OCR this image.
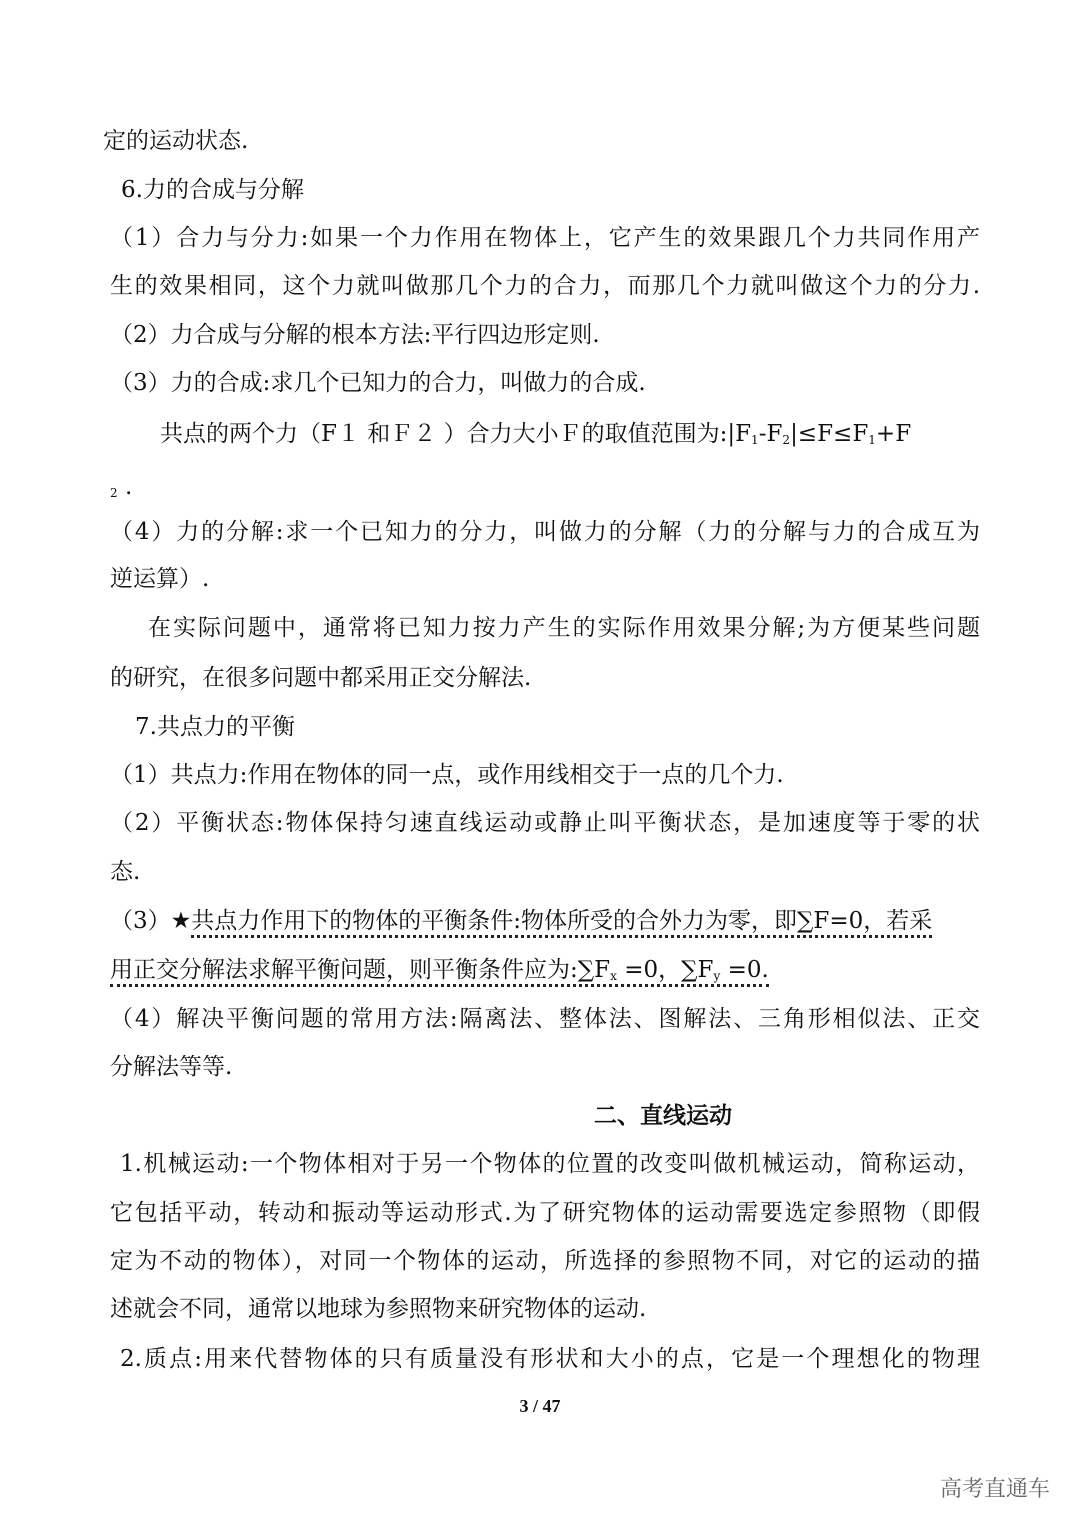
定的运动状态.
6.力的合成与分解
（1）合力与分力:如果一个力作用在物体上，它产生的效果跟几个力共同作用产
生的效果相同，这个力就叫做那几个力的合力，而那几个力就叫做这个力的分力.
（2）力合成与分解的根本方法:平行四边形定则.
（3）力的合成:求几个已知力的合力，叫做力的合成.
共点的两个力（F１ 和Ｆ２ ）合力大小Ｆ的取值范围为$:|F_1-F_2|\le F\le F_1+F$
$_2$ .
（4）力的分解:求一个已知力的分力，叫做力的分解（力的分解与力的合成互为
逆运算）.
在实际问题中，通常将已知力按力产生的实际作用效果分解;为方便某些问题
的研究，在很多问题中都采用正交分解法.
7.共点力的平衡
（1）共点力:作用在物体的同一点，或作用线相交于一点的几个力.
（2）平衡状态:物体保持匀速直线运动或静止叫平衡状态，是加速度等于零的状
态.
（3）★共点力作用下的物体的平衡条件:物体所受的合外力为零，即∑F=0，若采
用正交分解法求解平衡问题，则平衡条件应为$:\sum F_x =0$，$\sum F_y =0$.
（4）解决平衡问题的常用方法:隔离法、整体法、图解法、三角形相似法、正交
分解法等等.
二、直线运动
1.机械运动:一个物体相对于另一个物体的位置的改变叫做机械运动，简称运动，
它包括平动，转动和振动等运动形式.为了研究物体的运动需要选定参照物（即假
定为不动的物体），对同一个物体的运动，所选择的参照物不同，对它的运动的描
述就会不同，通常以地球为参照物来研究物体的运动.
2.质点:用来代替物体的只有质量没有形状和大小的点，它是一个理想化的物理
3 / 47
高考直通车
